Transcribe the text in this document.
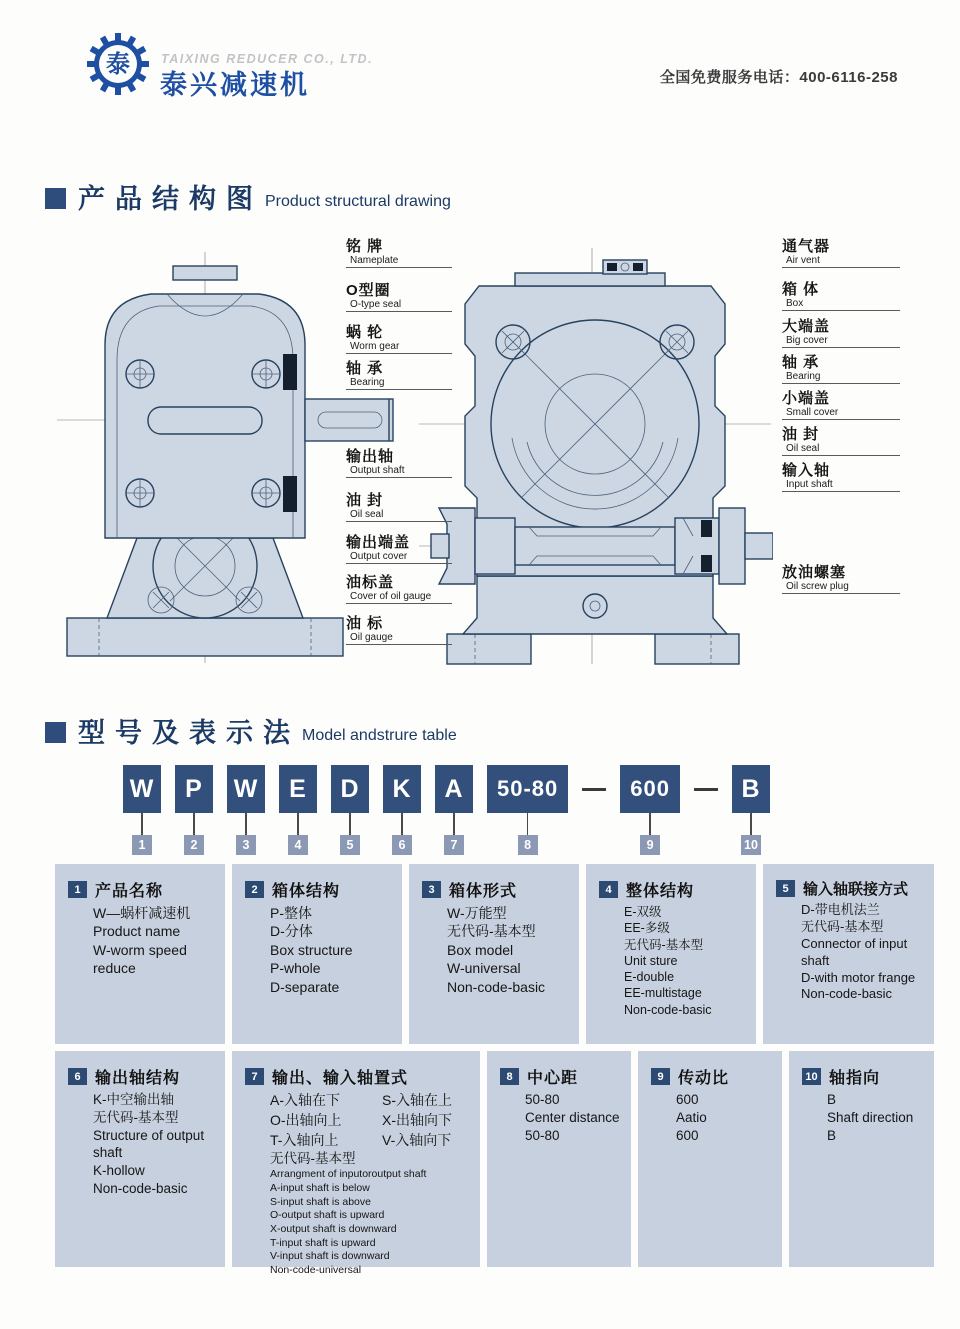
泰 TAIXING REDUCER CO., LTD.
泰兴减速机	全国免费服务电话：400-6116-258
产品结构图 Product structural drawing
铭 牌
Nameplate
O型圈
O-type seal
蜗 轮
Worm gear
轴 承
Bearing
输出轴
Output shaft
油 封
Oil seal
输出端盖
Output cover
油标盖
Cover of oil gauge
油 标
Oil gauge
通气器
Air vent
箱 体
Box
大端盖
Big cover
轴 承
Bearing
小端盖
Small cover
油 封
Oil seal
输入轴
Input shaft
放油螺塞
Oil screw plug
型号及表示法 Model andstrure table
W
1
P
2
W
3
E
4
D
5
K
6
A
7
50-80
8
600
9
B
10
1 产品名称
W—蜗杆减速机
Product name
W-worm speed
reduce
2 箱体结构
P-整体
D-分体
Box structure
P-whole
D-separate
3 箱体形式
W-万能型
无代码-基本型
Box model
W-universal
Non-code-basic
4 整体结构
E-双级
EE-多级
无代码-基本型
Unit sture
E-double
EE-multistage
Non-code-basic
5 输入轴联接方式
D-带电机法兰
无代码-基本型
Connector of input
shaft
D-with motor frange
Non-code-basic
6 输出轴结构
K-中空输出轴
无代码-基本型
Structure of output
shaft
K-hollow
Non-code-basic
7 输出、输入轴置式
A-入轴在下	S-入轴在上
O-出轴向上	X-出轴向下
T-入轴向上	V-入轴向下
无代码-基本型
Arrangment of inputoroutput shaft
A-input shaft is below
S-input shaft is above
O-output shaft is upward
X-output shaft is downward
T-input shaft is upward
V-input shaft is downward
Non-code-universal
8 中心距
50-80
Center distance
50-80
9 传动比
600
Aatio
600
10 轴指向
B
Shaft direction
B
